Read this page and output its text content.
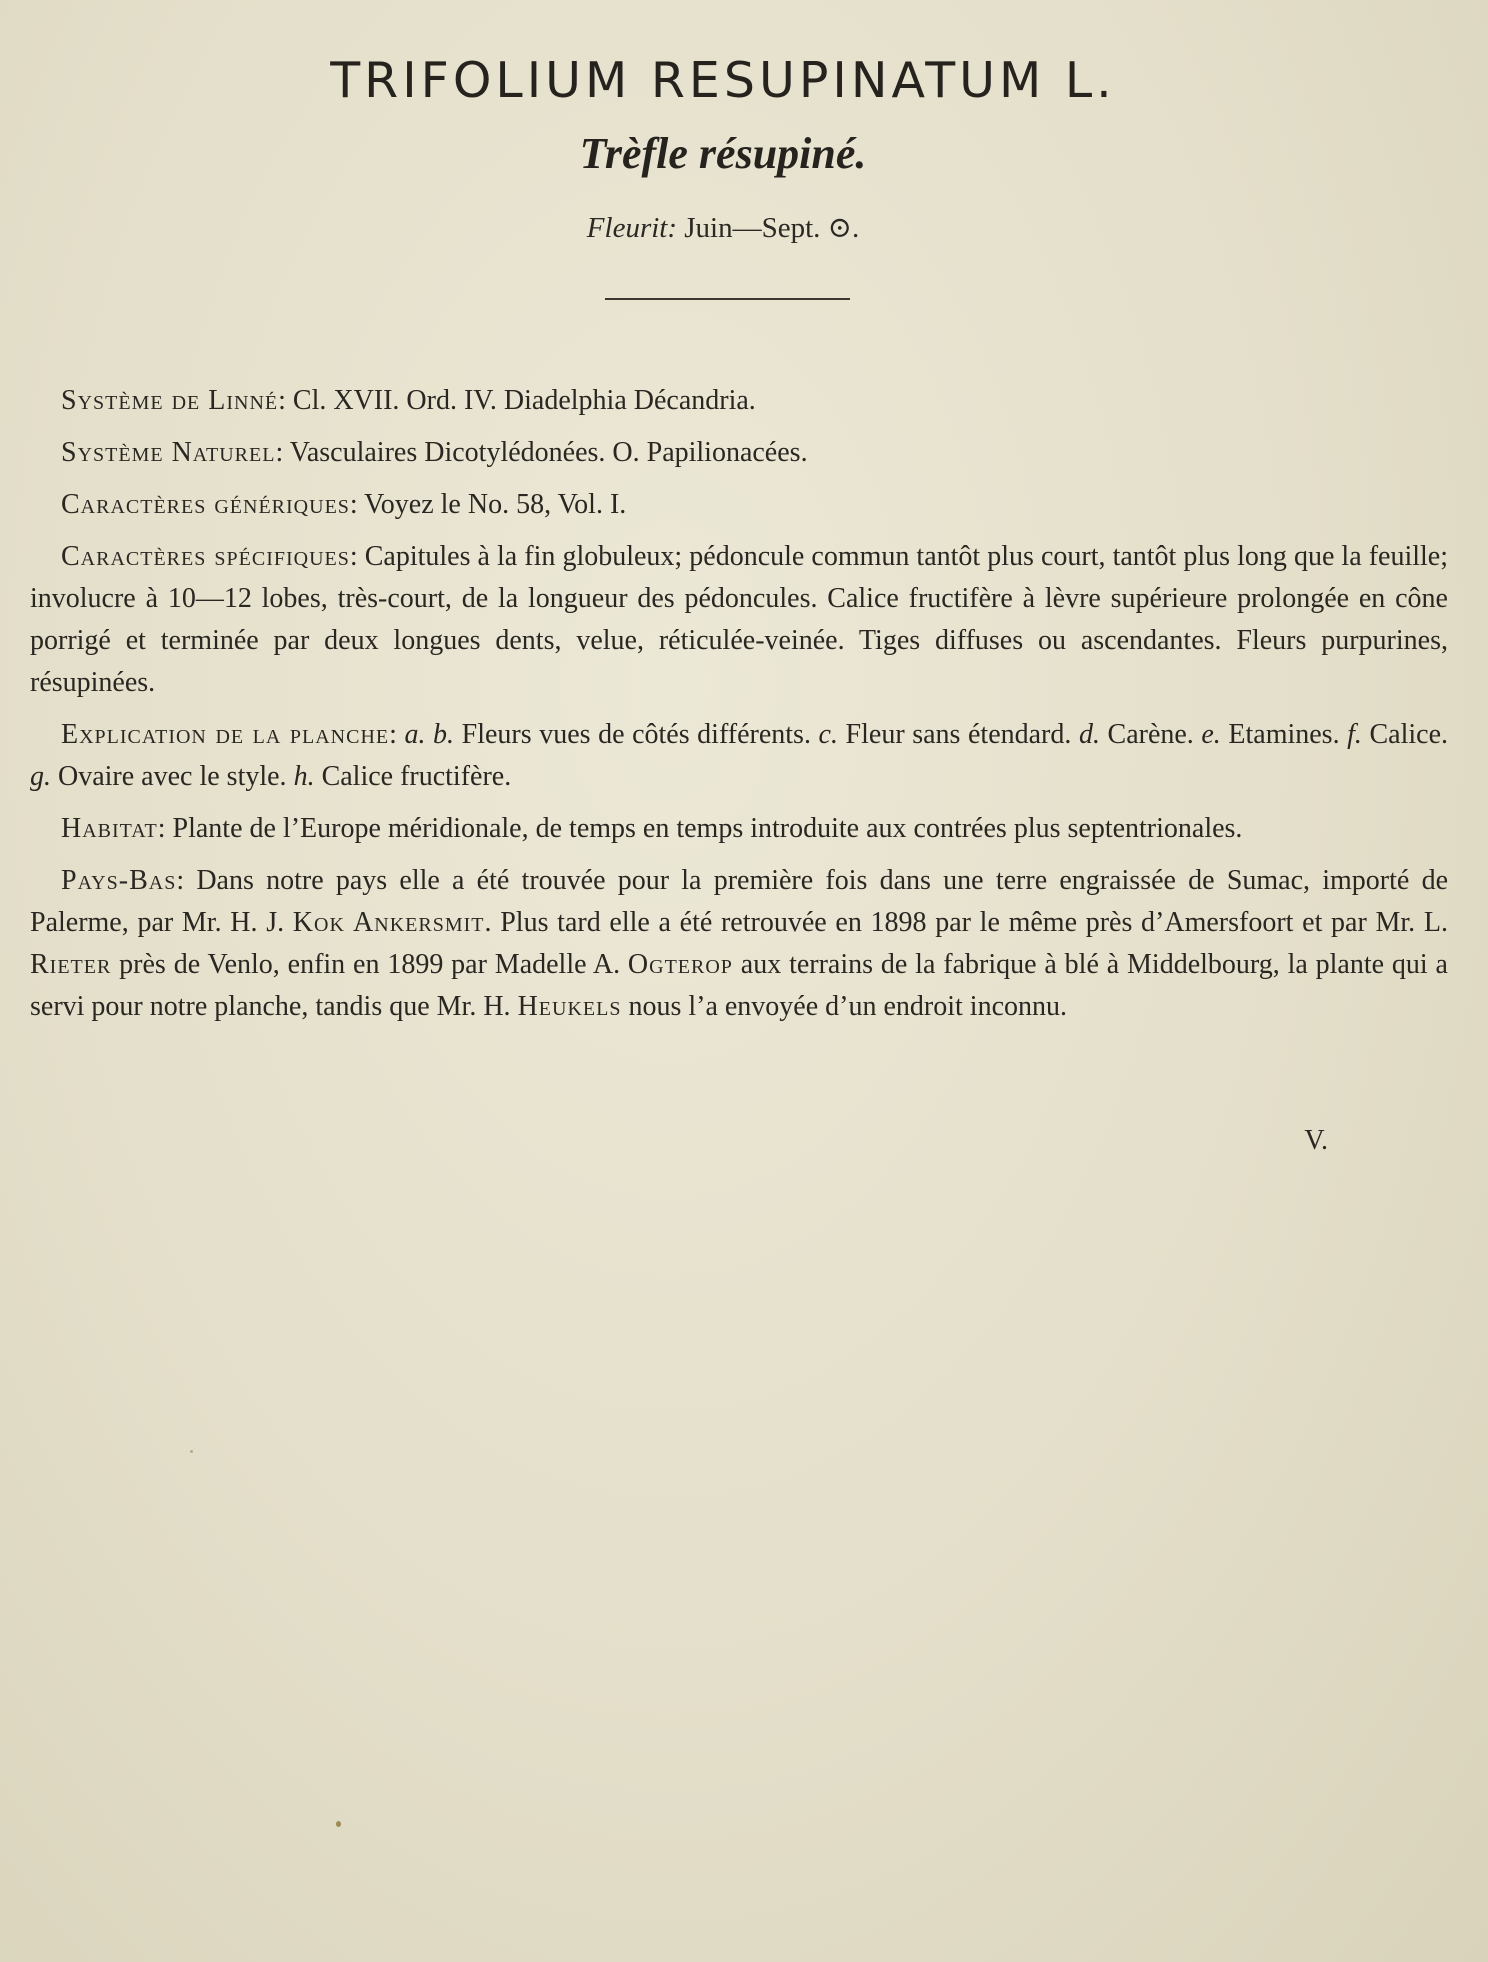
TRIFOLIUM RESUPINATUM L.
Trèfle résupiné.
Fleurit: Juin—Sept. ⊙.

Système de Linné: Cl. XVII. Ord. IV. Diadelphia Décandria.

Système Naturel: Vasculaires Dicotylédonées. O. Papilionacées.

Caractères génériques: Voyez le No. 58, Vol. I.

Caractères spécifiques: Capitules à la fin globuleux; pédoncule commun tantôt plus court, tantôt plus long que la feuille; involucre à 10—12 lobes, très-court, de la longueur des pédoncules. Calice fructifère à lèvre supérieure prolongée en cône porrigé et terminée par deux longues dents, velue, réticulée-veinée. Tiges diffuses ou ascendantes. Fleurs purpurines, résupinées.

Explication de la planche: a. b. Fleurs vues de côtés différents. c. Fleur sans étendard. d. Carène. e. Etamines. f. Calice. g. Ovaire avec le style. h. Calice fructifère.

Habitat: Plante de l’Europe méridionale, de temps en temps introduite aux contrées plus septentrionales.

Pays-Bas: Dans notre pays elle a été trouvée pour la première fois dans une terre engraissée de Sumac, importé de Palerme, par Mr. H. J. Kok Ankersmit. Plus tard elle a été retrouvée en 1898 par le même près d’Amersfoort et par Mr. L. Rieter près de Venlo, enfin en 1899 par Madelle A. Ogterop aux terrains de la fabrique à blé à Middelbourg, la plante qui a servi pour notre planche, tandis que Mr. H. Heukels nous l’a envoyée d’un endroit inconnu.

V.
